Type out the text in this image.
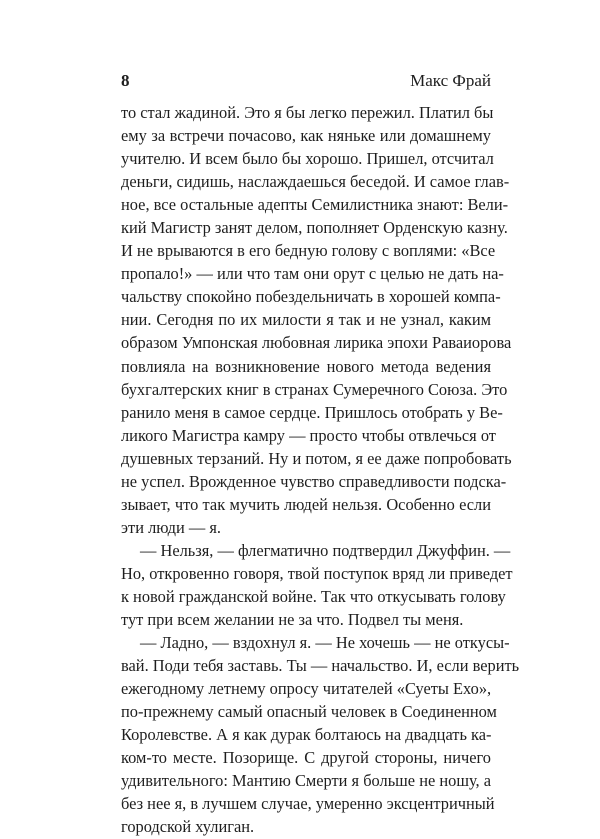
8	Макс Фрай
то стал жадиной. Это я бы легко пережил. Платил бы
ему за встречи почасово, как няньке или домашнему
учителю. И всем было бы хорошо. Пришел, отсчитал
деньги, сидишь, наслаждаешься беседой. И самое глав-
ное, все остальные адепты Семилистника знают: Вели-
кий Магистр занят делом, пополняет Орденскую казну.
И не врываются в его бедную голову с воплями: «Все
пропало!» — или что там они орут с целью не дать на-
чальству спокойно побездельничать в хорошей компа-
нии. Сегодня по их милости я так и не узнал, каким
образом Умпонская любовная лирика эпохи Раваиорова
повлияла на возникновение нового метода ведения
бухгалтерских книг в странах Сумеречного Союза. Это
ранило меня в самое сердце. Пришлось отобрать у Ве-
ликого Магистра камру — просто чтобы отвлечься от
душевных терзаний. Ну и потом, я ее даже попробовать
не успел. Врожденное чувство справедливости подска-
зывает, что так мучить людей нельзя. Особенно если
эти люди — я.
— Нельзя, — флегматично подтвердил Джуффин. —
Но, откровенно говоря, твой поступок вряд ли приведет
к новой гражданской войне. Так что откусывать голову
тут при всем желании не за что. Подвел ты меня.
— Ладно, — вздохнул я. — Не хочешь — не откусы-
вай. Поди тебя заставь. Ты — начальство. И, если верить
ежегодному летнему опросу читателей «Суеты Ехо»,
по-прежнему самый опасный человек в Соединенном
Королевстве. А я как дурак болтаюсь на двадцать ка-
ком-то месте. Позорище. С другой стороны, ничего
удивительного: Мантию Смерти я больше не ношу, а
без нее я, в лучшем случае, умеренно эксцентричный
городской хулиган.
